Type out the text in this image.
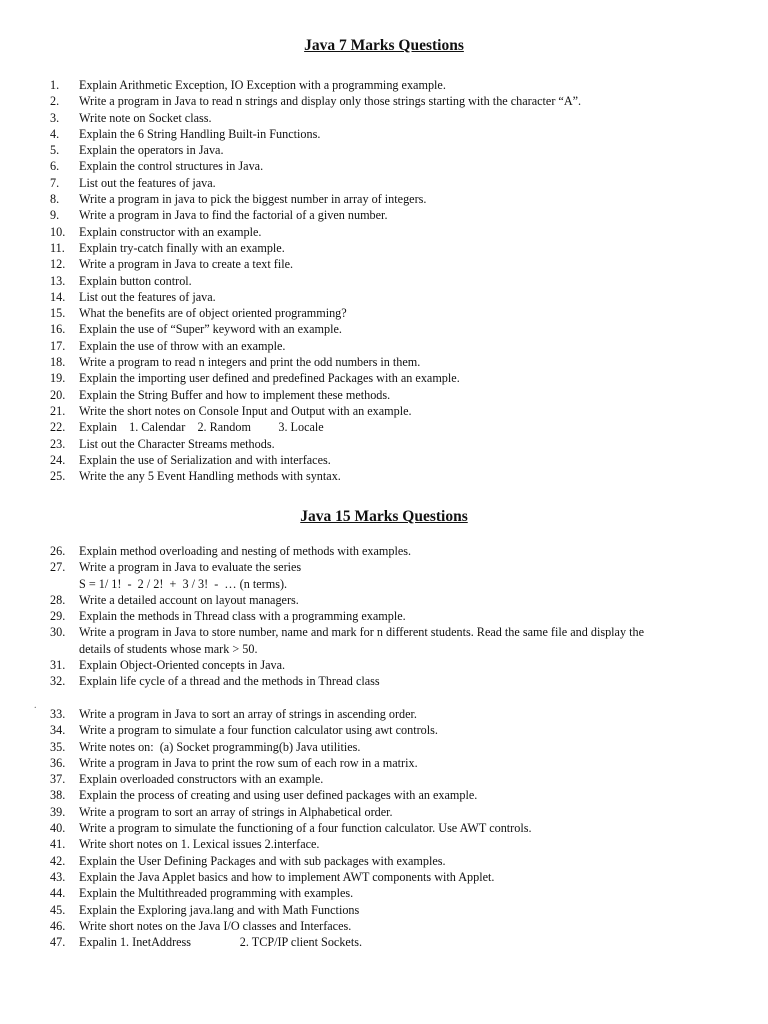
Java 7 Marks Questions
1.	Explain Arithmetic Exception, IO Exception with a programming example.
2.	Write a program in Java to read n strings and display only those strings starting with the character “A”.
3.	Write note on Socket class.
4.	Explain the 6 String Handling Built-in Functions.
5.	Explain the operators in Java.
6.	Explain the control structures in Java.
7.	List out the features of java.
8.	Write a program in java to pick the biggest number in array of integers.
9.	Write a program in Java to find the factorial of a given number.
10.	Explain constructor with an example.
11.	Explain try-catch finally with an example.
12.	Write a program in Java to create a text file.
13.	Explain button control.
14.	List out the features of java.
15.	What the benefits are of object oriented programming?
16.	Explain the use of “Super” keyword with an example.
17.	Explain the use of throw with an example.
18.	Write a program to read n integers and print the odd numbers in them.
19.	Explain the importing user defined and predefined Packages with an example.
20.	Explain the String Buffer and how to implement these methods.
21.	Write the short notes on Console Input and Output with an example.
22.	Explain    1. Calendar    2. Random         3. Locale
23.	List out the Character Streams methods.
24.	Explain the use of Serialization and with interfaces.
25.	Write the any 5 Event Handling methods with syntax.
Java 15 Marks Questions
26.	Explain method overloading and nesting of methods with examples.
27.	Write a program in Java to evaluate the series
S = 1/ 1!  -  2 / 2!  +  3 / 3!  -  … (n terms).
28.	Write a detailed account on layout managers.
29.	Explain the methods in Thread class with a programming example.
30.	Write a program in Java to store number, name and mark for n different students. Read the same file and display the
details of students whose mark > 50.
31.	Explain Object-Oriented concepts in Java.
32.	Explain life cycle of a thread and the methods in Thread class
.
33.	Write a program in Java to sort an array of strings in ascending order.
34.	Write a program to simulate a four function calculator using awt controls.
35.	Write notes on:  (a) Socket programming(b) Java utilities.
36.	Write a program in Java to print the row sum of each row in a matrix.
37.	Explain overloaded constructors with an example.
38.	Explain the process of creating and using user defined packages with an example.
39.	Write a program to sort an array of strings in Alphabetical order.
40.	Write a program to simulate the functioning of a four function calculator. Use AWT controls.
41.	Write short notes on 1. Lexical issues 2.interface.
42.	Explain the User Defining Packages and with sub packages with examples.
43.	Explain the Java Applet basics and how to implement AWT components with Applet.
44.	Explain the Multithreaded programming with examples.
45.	Explain the Exploring java.lang and with Math Functions
46.	Write short notes on the Java I/O classes and Interfaces.
47.	Expalin 1. InetAddress                2. TCP/IP client Sockets.
